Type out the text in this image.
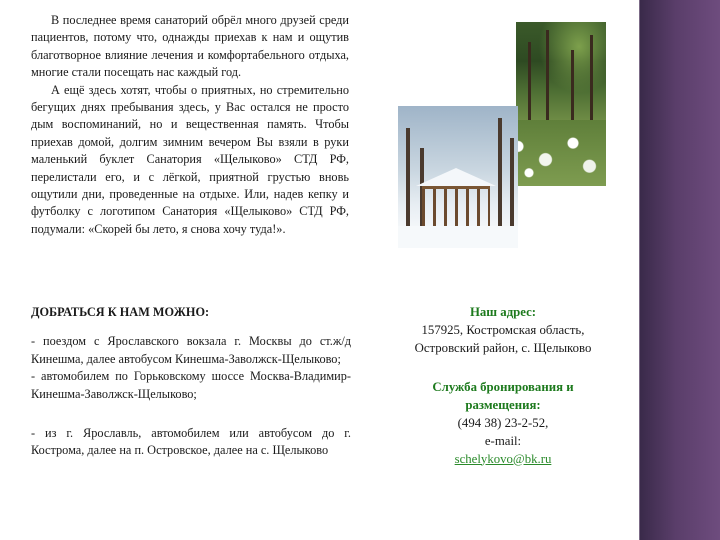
В последнее время санаторий обрёл много друзей среди пациентов, потому что, однажды приехав к нам и ощутив благотворное влияние лечения и комфортабельного отдыха, многие стали посещать нас каждый год.

А ещё здесь хотят, чтобы о приятных, но стремительно бегущих днях пребывания здесь, у Вас остался не просто дым воспоминаний, но и вещественная память. Чтобы приехав домой, долгим зимним вечером Вы взяли в руки маленький буклет Санатория «Щелыково» СТД РФ, перелистали его, и с лёгкой, приятной грустью вновь ощутили дни, проведенные на отдыхе. Или, надев кепку и футболку с логотипом Санатория «Щелыково» СТД РФ, подумали: «Скорей бы лето, я снова хочу туда!».

ДОБРАТЬСЯ К НАМ МОЖНО:

- поездом с Ярославского вокзала г. Москвы до ст.ж/д Кинешма, далее автобусом Кинешма-Заволжск-Щелыково;

- автомобилем по Горьковскому шоссе Москва-Владимир-Кинешма-Заволжск-Щелыково;

- из г. Ярославль, автомобилем или автобусом до г. Кострома, далее на п. Островское, далее на с. Щелыково

Наш адрес:
157925, Костромская область,
Островский район, с. Щелыково
Служба бронирования и размещения:
(494 38) 23-2-52,
e-mail:
schelykovo@bk.ru
